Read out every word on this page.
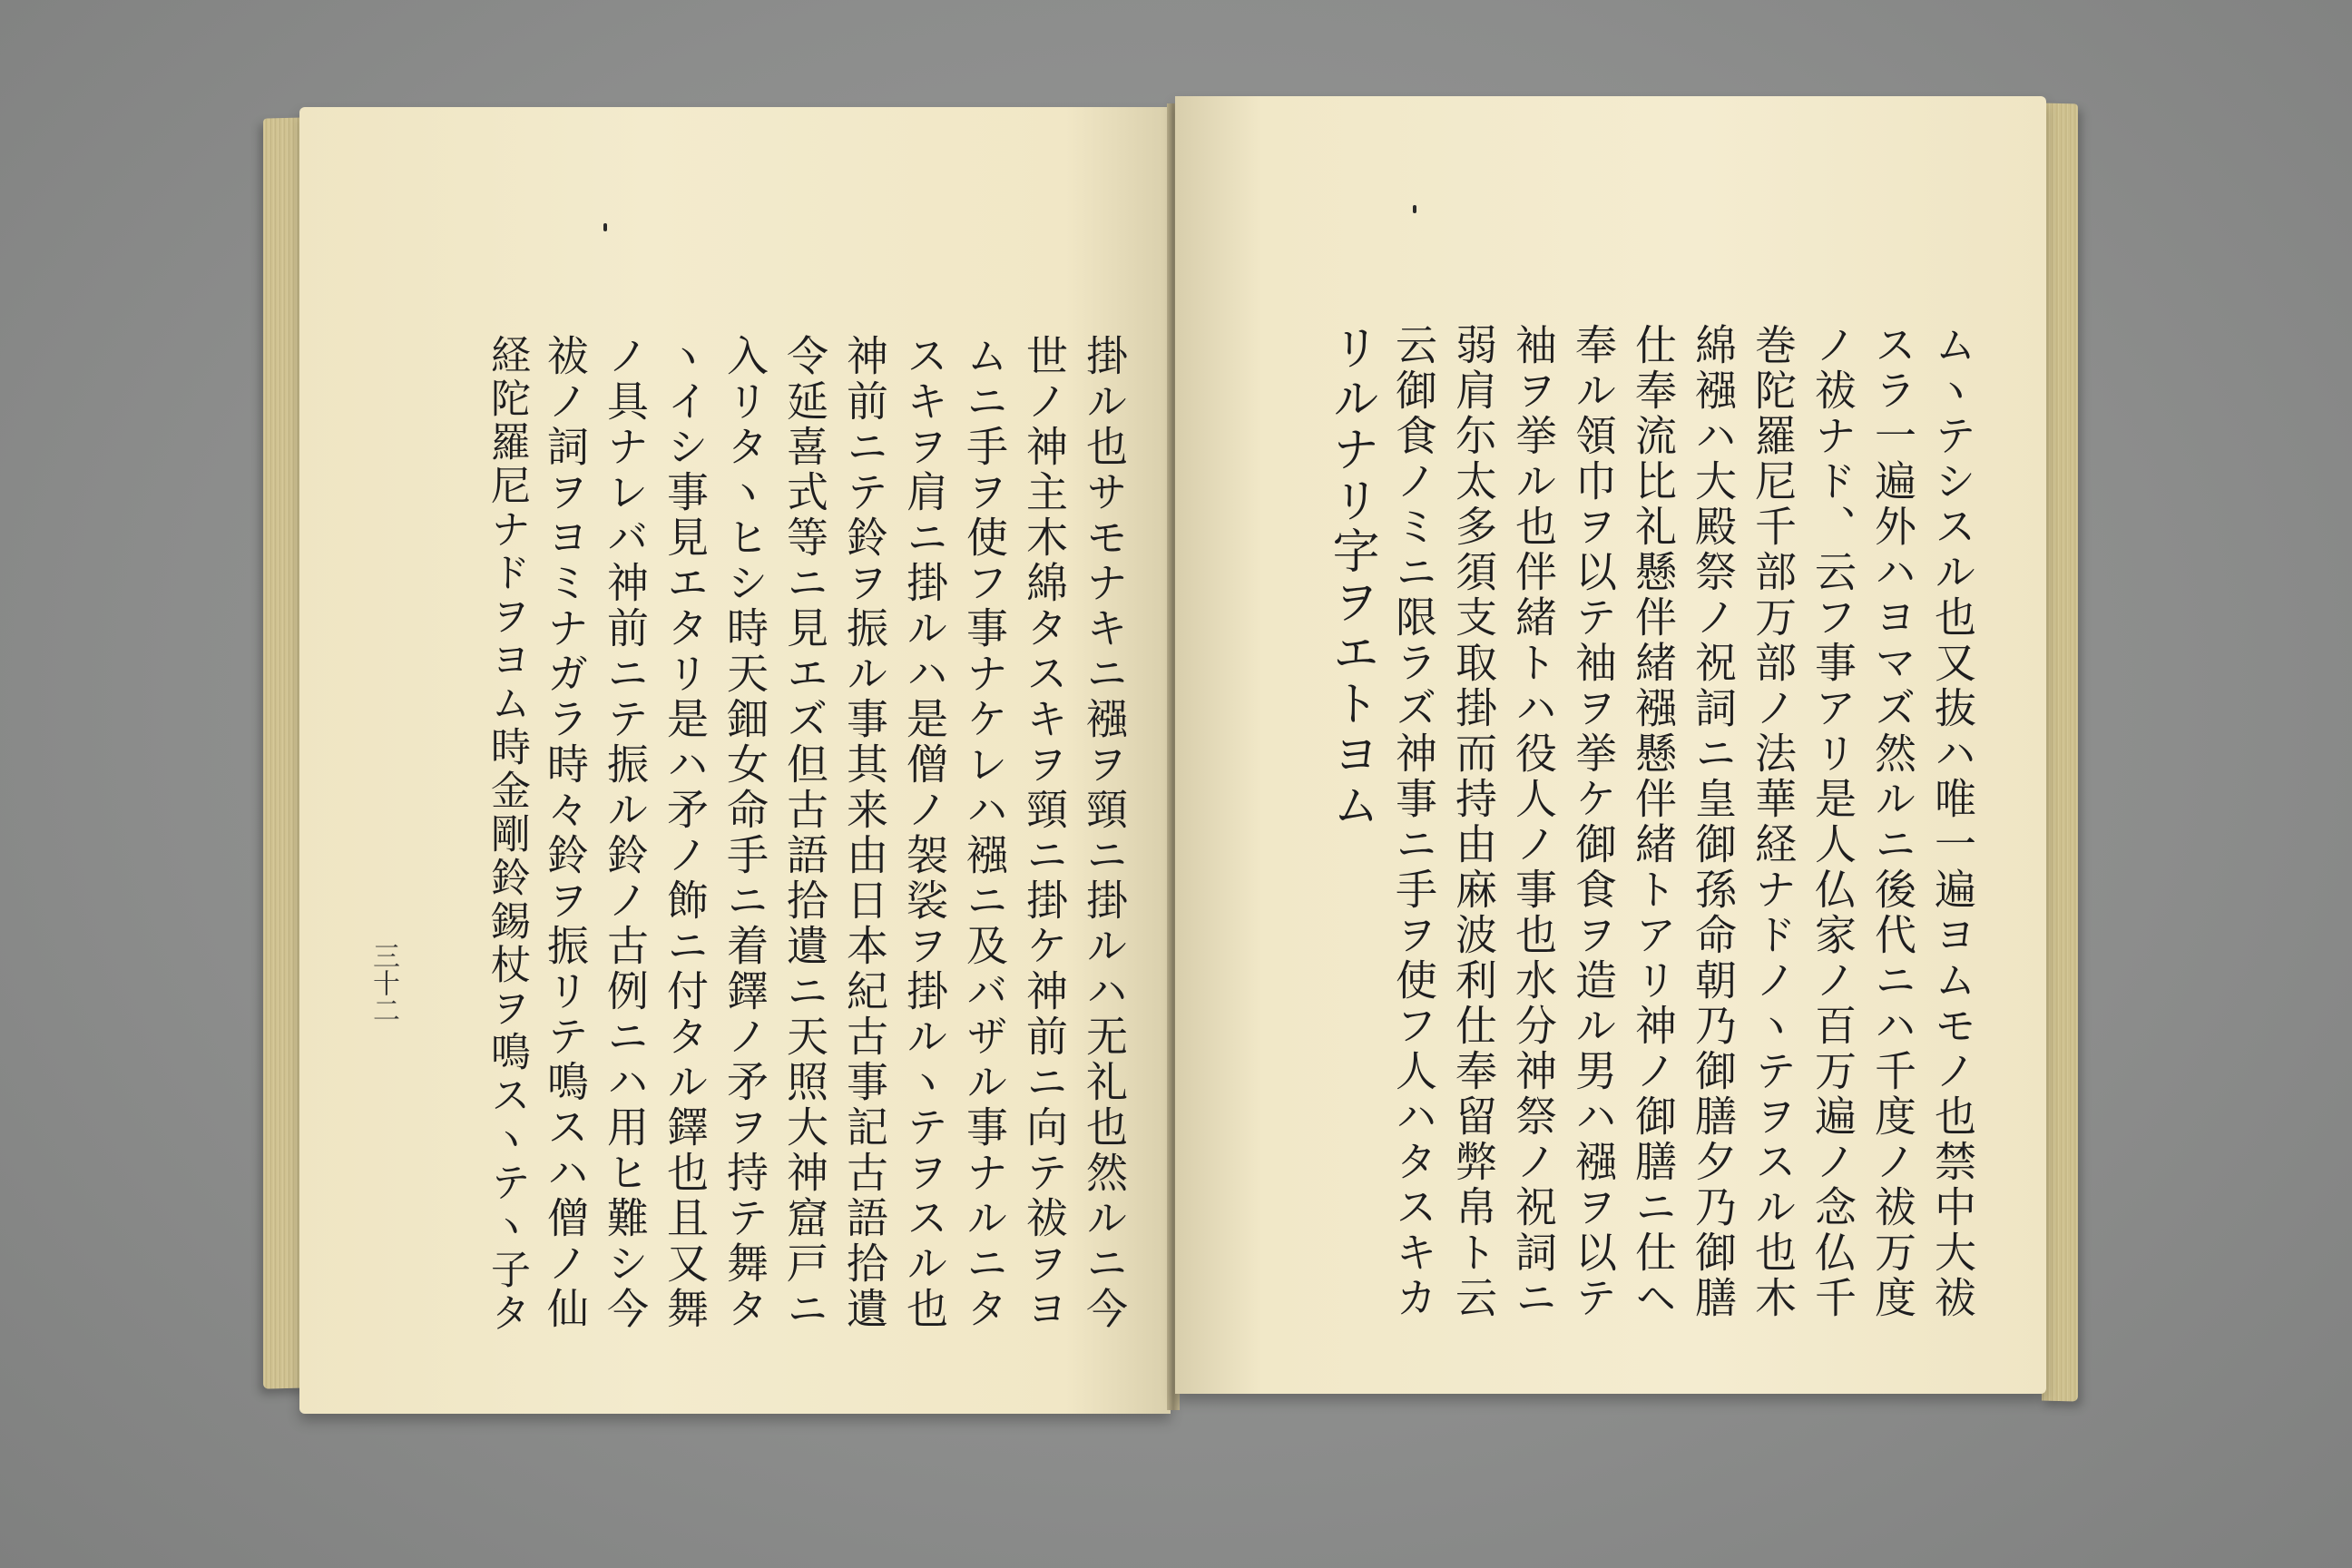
掛ル也サモナキニ襁ヲ頸ニ掛ルハ无礼也然ルニ今
世ノ神主木綿タスキヲ頸ニ掛ケ神前ニ向テ祓ヲヨ
ムニ手ヲ使フ事ナケレハ襁ニ及バザル事ナルニタ
スキヲ肩ニ掛ルハ是僧ノ袈裟ヲ掛ルヽテヲスル也
神前ニテ鈴ヲ振ル事其来由日本紀古事記古語拾遺
令延喜式等ニ見エズ但古語拾遺ニ天照大神窟戸ニ
入リタヽヒシ時天鈿女命手ニ着鐸ノ矛ヲ持テ舞タ
ヽイシ事見エタリ是ハ矛ノ飾ニ付タル鐸也且又舞
ノ具ナレバ神前ニテ振ル鈴ノ古例ニハ用ヒ難シ今
祓ノ詞ヲヨミナガラ時々鈴ヲ振リテ鳴スハ僧ノ仙
経陀羅尼ナドヲヨム時金剛鈴錫杖ヲ鳴スヽテヽ子タ
三十二	ムヽテシスル也又抜ハ唯一遍ヨムモノ也禁中大祓
スラ一遍外ハヨマズ然ルニ後代ニハ千度ノ祓万度
ノ祓ナド、云フ事アリ是人仏家ノ百万遍ノ念仏千
巻陀羅尼千部万部ノ法華経ナドノヽテヲスル也木
綿襁ハ大殿祭ノ祝詞ニ皇御孫命朝乃御膳夕乃御膳
仕奉流比礼懸伴緒襁懸伴緒トアリ神ノ御膳ニ仕ヘ
奉ル領巾ヲ以テ袖ヲ挙ケ御食ヲ造ル男ハ襁ヲ以テ
袖ヲ挙ル也伴緒トハ役人ノ事也水分神祭ノ祝詞ニ
弱肩尓太多須支取掛而持由麻波利仕奉留弊帛ト云
云御食ノミニ限ラズ神事ニ手ヲ使フ人ハタスキカ
リルナリ字ヲエトヨム
